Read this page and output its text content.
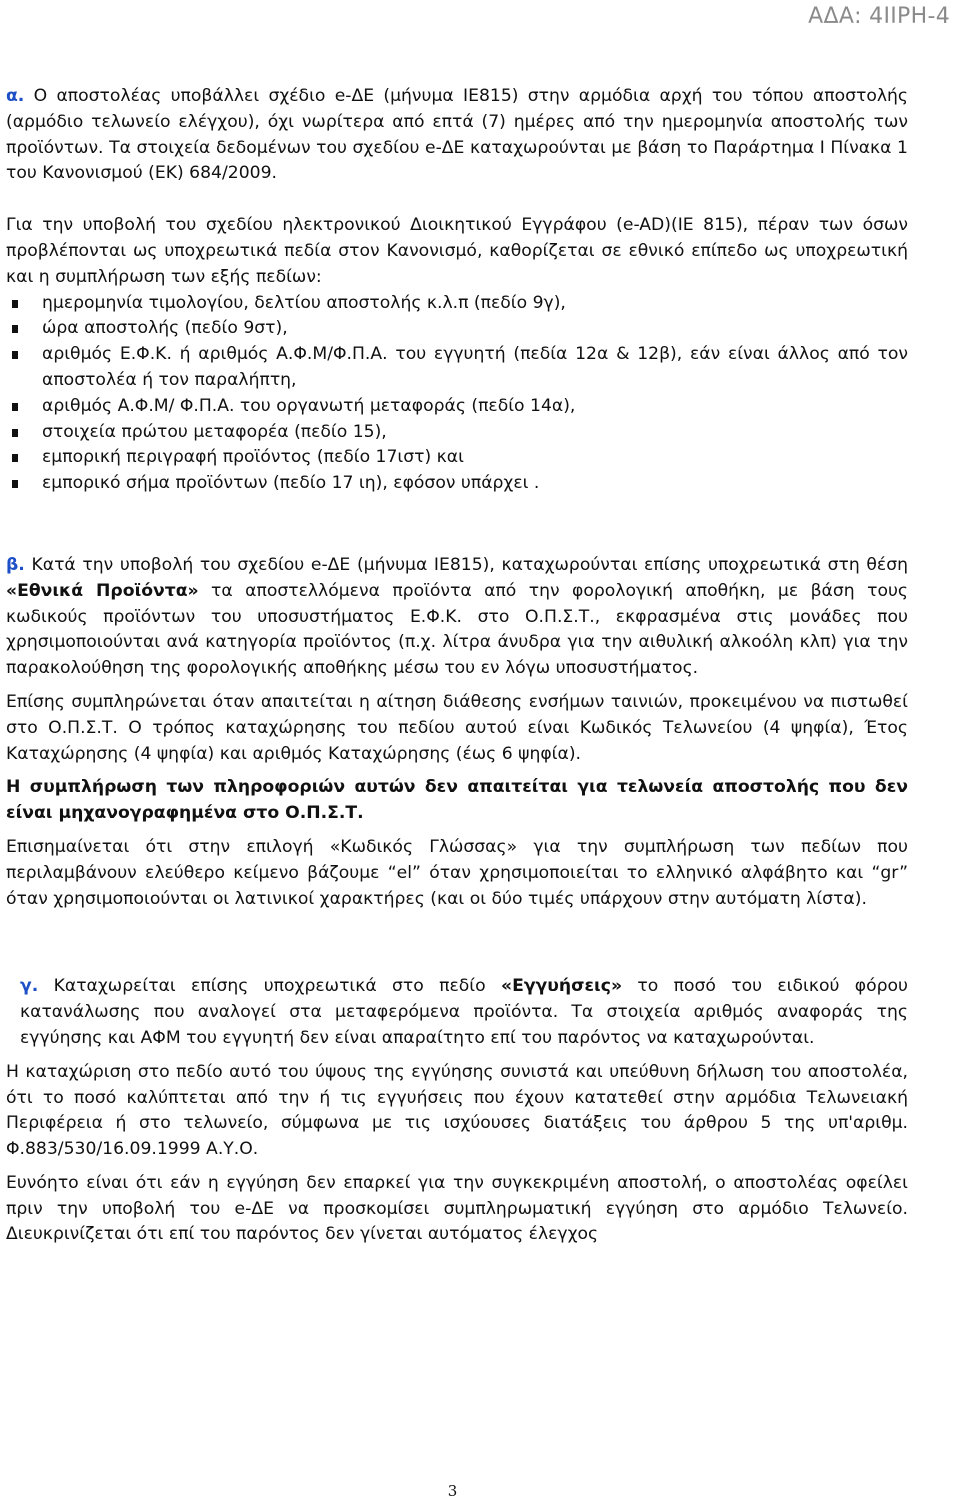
ΑΔΑ: 4ΙΙΡΗ-4

α. Ο αποστολέας υποβάλλει σχέδιο e-ΔΕ (μήνυμα IE815) στην αρμόδια αρχή του τόπου αποστολής (αρμόδιο τελωνείο ελέγχου), όχι νωρίτερα από επτά (7) ημέρες από την ημερομηνία αποστολής των προϊόντων. Τα στοιχεία δεδομένων του σχεδίου e-ΔΕ καταχωρούνται με βάση το Παράρτημα Ι Πίνακα 1 του Κανονισμού (ΕΚ) 684/2009.

Για την υποβολή του σχεδίου ηλεκτρονικού Διοικητικού Εγγράφου (e-AD)(IE 815), πέραν των όσων προβλέπονται ως υποχρεωτικά πεδία στον Κανονισμό, καθορίζεται σε εθνικό επίπεδο ως υποχρεωτική και η συμπλήρωση των εξής πεδίων:

ημερομηνία τιμολογίου, δελτίου αποστολής κ.λ.π (πεδίο 9γ),
ώρα αποστολής (πεδίο 9στ),
αριθμός Ε.Φ.Κ. ή αριθμός Α.Φ.Μ/Φ.Π.Α. του εγγυητή (πεδία 12α & 12β), εάν είναι άλλος από τον αποστολέα ή τον παραλήπτη,
αριθμός Α.Φ.Μ/ Φ.Π.Α. του οργανωτή μεταφοράς (πεδίο 14α),
στοιχεία πρώτου μεταφορέα (πεδίο 15),
εμπορική περιγραφή προϊόντος (πεδίο 17ιστ) και
εμπορικό σήμα προϊόντων (πεδίο 17 ιη), εφόσον υπάρχει .

β. Κατά την υποβολή του σχεδίου e-ΔΕ (μήνυμα IE815), καταχωρούνται επίσης υποχρεωτικά στη θέση «Εθνικά Προϊόντα» τα αποστελλόμενα προϊόντα από την φορολογική αποθήκη, με βάση τους κωδικούς προϊόντων του υποσυστήματος Ε.Φ.Κ. στο Ο.Π.Σ.Τ., εκφρασμένα στις μονάδες που χρησιμοποιούνται ανά κατηγορία προϊόντος (π.χ. λίτρα άνυδρα για την αιθυλική αλκοόλη κλπ) για την παρακολούθηση της φορολογικής αποθήκης μέσω του εν λόγω υποσυστήματος.

Επίσης συμπληρώνεται όταν απαιτείται η αίτηση διάθεσης ενσήμων ταινιών, προκειμένου να πιστωθεί στο Ο.Π.Σ.Τ. Ο τρόπος καταχώρησης του πεδίου αυτού είναι Κωδικός Τελωνείου (4 ψηφία), Έτος Καταχώρησης (4 ψηφία) και αριθμός Καταχώρησης (έως 6 ψηφία).

Η συμπλήρωση των πληροφοριών αυτών δεν απαιτείται για τελωνεία αποστολής που δεν είναι μηχανογραφημένα στο Ο.Π.Σ.Τ.

Επισημαίνεται ότι στην επιλογή «Κωδικός Γλώσσας» για την συμπλήρωση των πεδίων που περιλαμβάνουν ελεύθερο κείμενο βάζουμε “el” όταν χρησιμοποιείται το ελληνικό αλφάβητο και “gr” όταν χρησιμοποιούνται οι λατινικοί χαρακτήρες (και οι δύο τιμές υπάρχουν στην αυτόματη λίστα).

γ. Καταχωρείται επίσης υποχρεωτικά στο πεδίο «Εγγυήσεις» το ποσό του ειδικού φόρου κατανάλωσης που αναλογεί στα μεταφερόμενα προϊόντα. Τα στοιχεία αριθμός αναφοράς της εγγύησης και ΑΦΜ του εγγυητή δεν είναι απαραίτητο επί του παρόντος να καταχωρούνται.

Η καταχώριση στο πεδίο αυτό του ύψους της εγγύησης συνιστά και υπεύθυνη δήλωση του αποστολέα, ότι το ποσό καλύπτεται από την ή τις εγγυήσεις που έχουν κατατεθεί στην αρμόδια Τελωνειακή Περιφέρεια ή στο τελωνείο, σύμφωνα με τις ισχύουσες διατάξεις του άρθρου 5 της υπ'αριθμ. Φ.883/530/16.09.1999 Α.Υ.Ο.

Ευνόητο είναι ότι εάν η εγγύηση δεν επαρκεί για την συγκεκριμένη αποστολή, ο αποστολέας οφείλει πριν την υποβολή του e-ΔΕ να προσκομίσει συμπληρωματική εγγύηση στο αρμόδιο Τελωνείο. Διευκρινίζεται ότι επί του παρόντος δεν γίνεται αυτόματος έλεγχος

3
